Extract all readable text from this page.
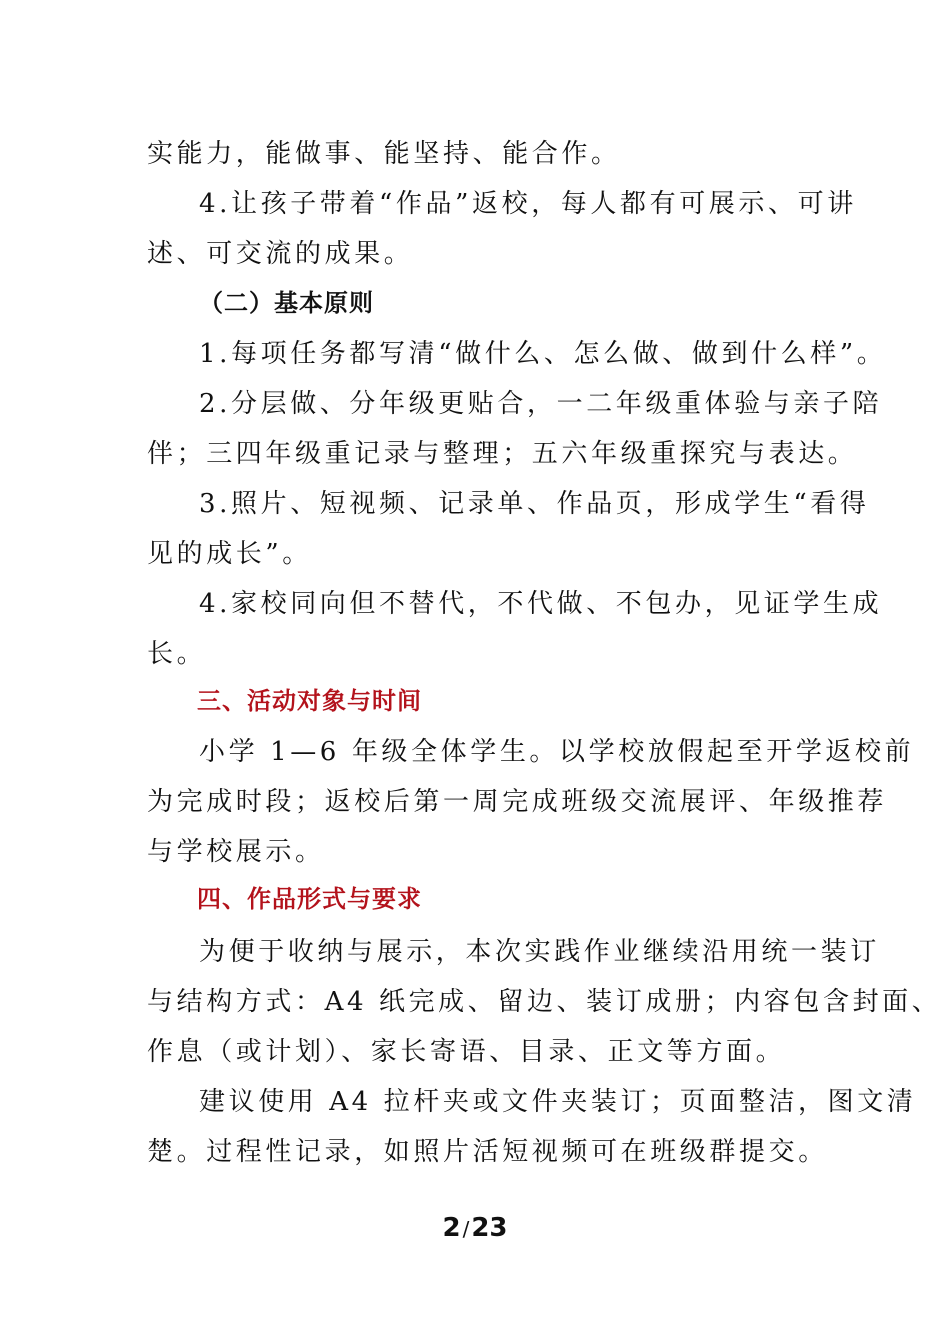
实能力，能做事、能坚持、能合作。
4.让孩子带着“作品”返校，每人都有可展示、可讲
述、可交流的成果。
（二）基本原则
1.每项任务都写清“做什么、怎么做、做到什么样”。
2.分层做、分年级更贴合，一二年级重体验与亲子陪
伴；三四年级重记录与整理；五六年级重探究与表达。
3.照片、短视频、记录单、作品页，形成学生“看得
见的成长”。
4.家校同向但不替代，不代做、不包办，见证学生成
长。
三、活动对象与时间
小学 1—6 年级全体学生。以学校放假起至开学返校前
为完成时段；返校后第一周完成班级交流展评、年级推荐
与学校展示。
四、作品形式与要求
为便于收纳与展示，本次实践作业继续沿用统一装订
与结构方式：A4 纸完成、留边、装订成册；内容包含封面、
作息（或计划）、家长寄语、目录、正文等方面。
建议使用 A4 拉杆夹或文件夹装订；页面整洁，图文清
楚。过程性记录，如照片活短视频可在班级群提交。
2 /23
